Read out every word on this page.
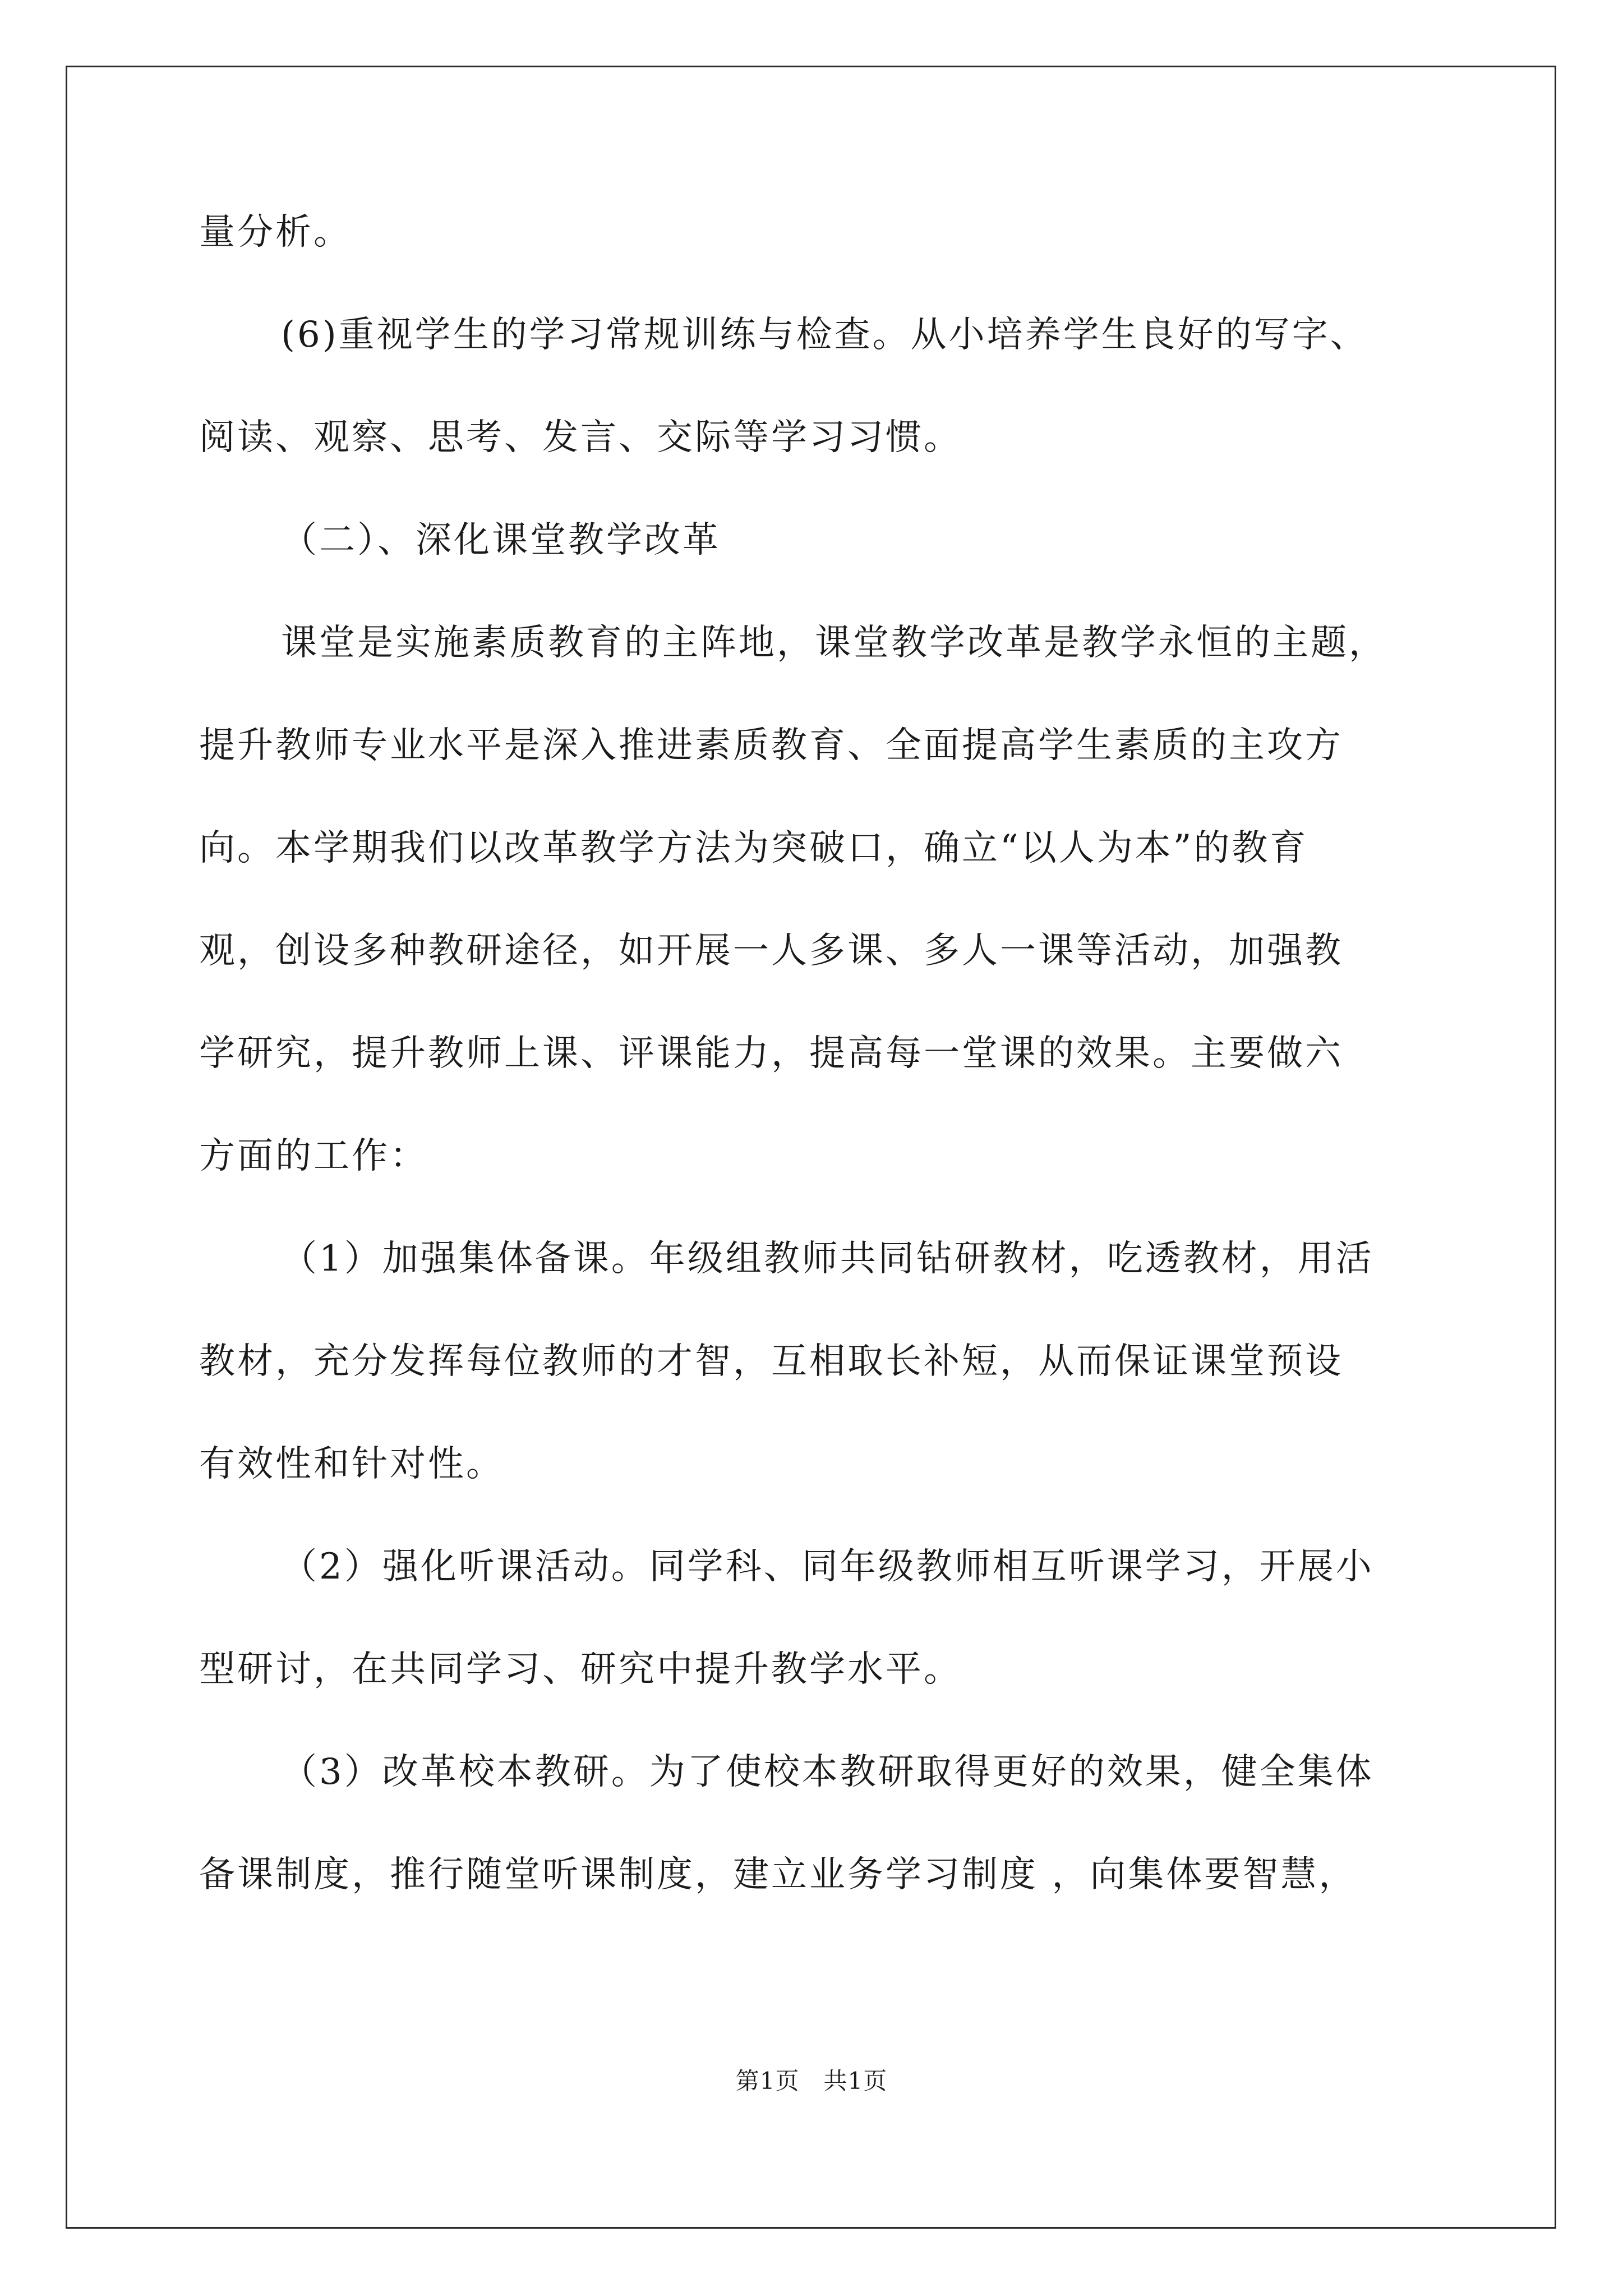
量分析。
(6)重视学生的学习常规训练与检查。从小培养学生良好的写字、
阅读、观察、思考、发言、交际等学习习惯。
（二）、深化课堂教学改革
课堂是实施素质教育的主阵地，课堂教学改革是教学永恒的主题，
提升教师专业水平是深入推进素质教育、全面提高学生素质的主攻方
向。本学期我们以改革教学方法为突破口，确立“以人为本”的教育
观，创设多种教研途径，如开展一人多课、多人一课等活动，加强教
学研究，提升教师上课、评课能力，提高每一堂课的效果。主要做六
方面的工作：
（1）加强集体备课。年级组教师共同钻研教材，吃透教材，用活
教材，充分发挥每位教师的才智，互相取长补短，从而保证课堂预设
有效性和针对性。
（2）强化听课活动。同学科、同年级教师相互听课学习，开展小
型研讨，在共同学习、研究中提升教学水平。
（3）改革校本教研。为了使校本教研取得更好的效果，健全集体
备课制度，推行随堂听课制度，建立业务学习制度 ，向集体要智慧，
第1页　共1页
